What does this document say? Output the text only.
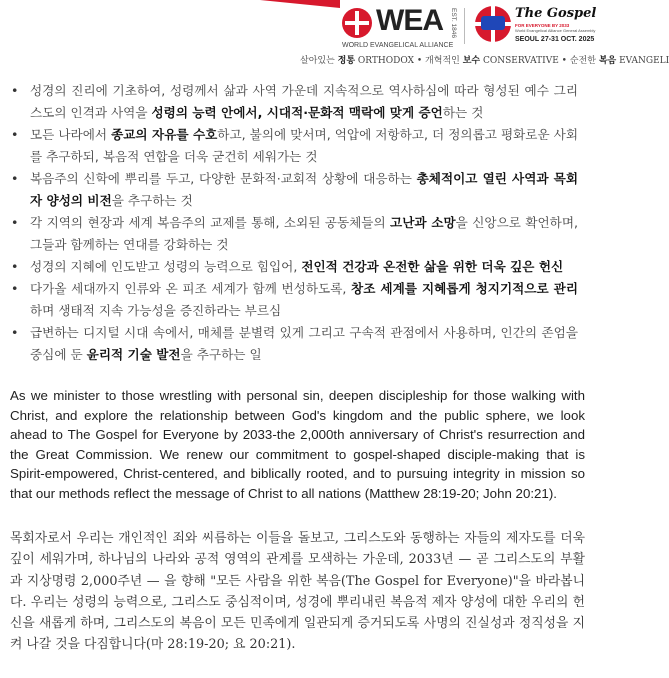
WEA
WORLD EVANGELICAL ALLIANCE
EST. 1846	The Gospel
FOR EVERYONE BY 2033
World Evangelical Alliance General Assembly
SEOUL 27-31 OCT. 2025
살아있는 정통 ORTHODOX • 개혁적인 보수 CONSERVATIVE • 순전한 복음 EVANGELI
• 성경의 진리에 기초하여, 성령께서 삶과 사역 가운데 지속적으로 역사하심에 따라 형성된 예수 그리스도의 인격과 사역을 성령의 능력 안에서, 시대적·문화적 맥락에 맞게 증언하는 것
• 모든 나라에서 종교의 자유를 수호하고, 불의에 맞서며, 억압에 저항하고, 더 정의롭고 평화로운 사회를 추구하되, 복음적 연합을 더욱 굳건히 세워가는 것
• 복음주의 신학에 뿌리를 두고, 다양한 문화적·교회적 상황에 대응하는 총체적이고 열린 사역과 목회자 양성의 비전을 추구하는 것
• 각 지역의 현장과 세계 복음주의 교제를 통해, 소외된 공동체들의 고난과 소망을 신앙으로 확언하며, 그들과 함께하는 연대를 강화하는 것
• 성경의 지혜에 인도받고 성령의 능력으로 힘입어, 전인적 건강과 온전한 삶을 위한 더욱 깊은 헌신
• 다가올 세대까지 인류와 온 피조 세계가 함께 번성하도록, 창조 세계를 지혜롭게 청지기적으로 관리하며 생태적 지속 가능성을 증진하라는 부르심
• 급변하는 디지털 시대 속에서, 매체를 분별력 있게 그리고 구속적 관점에서 사용하며, 인간의 존엄을 중심에 둔 윤리적 기술 발전을 추구하는 일

As we minister to those wrestling with personal sin, deepen discipleship for those walking with Christ, and explore the relationship between God's kingdom and the public sphere, we look ahead to The Gospel for Everyone by 2033-the 2,000th anniversary of Christ's resurrection and the Great Commission. We renew our commitment to gospel-shaped disciple-making that is Spirit-empowered, Christ-centered, and biblically rooted, and to pursuing integrity in mission so that our methods reflect the message of Christ to all nations (Matthew 28:19-20; John 20:21).

목회자로서 우리는 개인적인 죄와 씨름하는 이들을 돌보고, 그리스도와 동행하는 자들의 제자도를 더욱 깊이 세워가며, 하나님의 나라와 공적 영역의 관계를 모색하는 가운데, 2033년 — 곧 그리스도의 부활과 지상명령 2,000주년 — 을 향해 "모든 사람을 위한 복음(The Gospel for Everyone)"을 바라봅니다. 우리는 성령의 능력으로, 그리스도 중심적이며, 성경에 뿌리내린 복음적 제자 양성에 대한 우리의 헌신을 새롭게 하며, 그리스도의 복음이 모든 민족에게 일관되게 증거되도록 사명의 진실성과 정직성을 지켜 나갈 것을 다짐합니다(마 28:19-20; 요 20:21).
